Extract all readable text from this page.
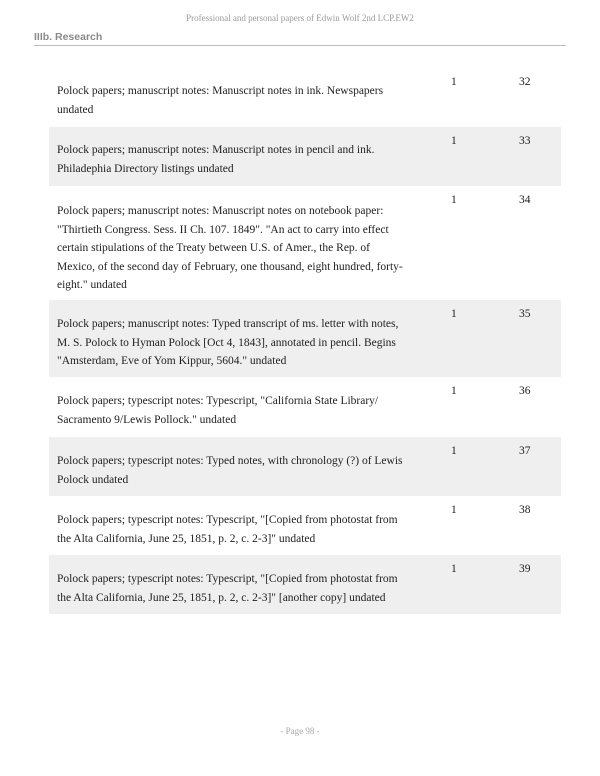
Professional and personal papers of Edwin Wolf 2nd LCP.EW2
IIIb. Research
Polock papers; manuscript notes: Manuscript notes in ink. Newspapers undated
1	32
Polock papers; manuscript notes: Manuscript notes in pencil and ink. Philadephia Directory listings undated
1	33
Polock papers; manuscript notes: Manuscript notes on notebook paper: "Thirtieth Congress. Sess. II Ch. 107. 1849". "An act to carry into effect certain stipulations of the Treaty between U.S. of Amer., the Rep. of Mexico, of the second day of February, one thousand, eight hundred, forty-eight." undated
1	34
Polock papers; manuscript notes: Typed transcript of ms. letter with notes, M. S. Polock to Hyman Polock [Oct 4, 1843], annotated in pencil. Begins "Amsterdam, Eve of Yom Kippur, 5604." undated
1	35
Polock papers; typescript notes: Typescript, "California State Library/ Sacramento 9/Lewis Pollock." undated
1	36
Polock papers; typescript notes: Typed notes, with chronology (?) of Lewis Polock undated
1	37
Polock papers; typescript notes: Typescript, "[Copied from photostat from the Alta California, June 25, 1851, p. 2, c. 2-3]" undated
1	38
Polock papers; typescript notes: Typescript, "[Copied from photostat from the Alta California, June 25, 1851, p. 2, c. 2-3]" [another copy] undated
1	39
- Page 98 -
